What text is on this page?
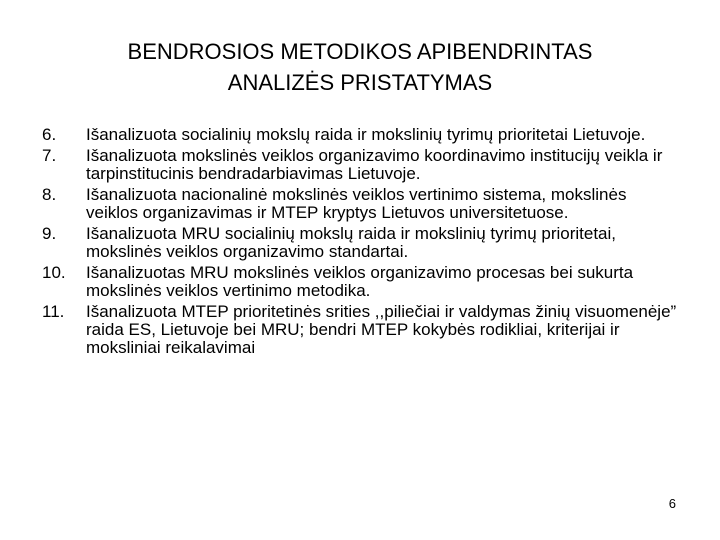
BENDROSIOS METODIKOS APIBENDRINTAS
ANALIZĖS PRISTATYMAS
6. Išanalizuota socialinių mokslų raida ir mokslinių tyrimų prioritetai Lietuvoje.
7. Išanalizuota mokslinės veiklos organizavimo koordinavimo institucijų veikla ir tarpinstitucinis bendradarbiavimas Lietuvoje.
8. Išanalizuota nacionalinė mokslinės veiklos vertinimo sistema, mokslinės veiklos organizavimas ir MTEP kryptys Lietuvos universitetuose.
9. Išanalizuota MRU socialinių mokslų raida ir mokslinių tyrimų prioritetai, mokslinės veiklos organizavimo standartai.
10. Išanalizuotas MRU mokslinės veiklos organizavimo procesas bei sukurta mokslinės veiklos vertinimo metodika.
11. Išanalizuota MTEP prioritetinės srities ,,piliečiai ir valdymas žinių visuomenėje” raida ES, Lietuvoje bei MRU; bendri MTEP kokybės rodikliai, kriterijai ir moksliniai reikalavimai
6
